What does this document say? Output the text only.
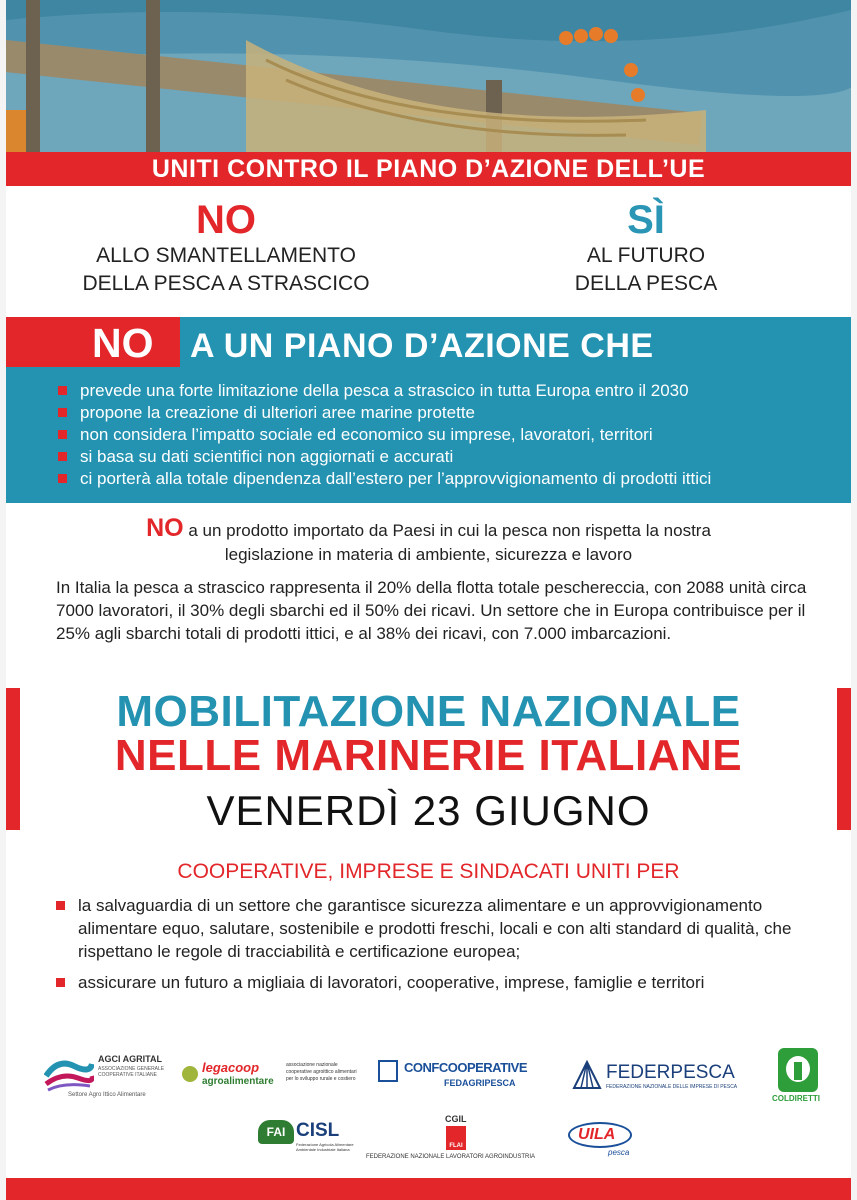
UNITI CONTRO IL PIANO D’AZIONE DELL’UE
NO
ALLO SMANTELLAMENTO
DELLA PESCA A STRASCICO
SÌ
AL FUTURO
DELLA PESCA
NO A UN PIANO D’AZIONE CHE
prevede una forte limitazione della pesca a strascico in tutta Europa entro il 2030
propone la creazione di ulteriori aree marine protette
non considera l’impatto sociale ed economico su imprese, lavoratori, territori
si basa su dati scientifici non aggiornati e accurati
ci porterà alla totale dipendenza dall’estero per l’approvvigionamento di prodotti ittici
NO a un prodotto importato da Paesi in cui la pesca non rispetta la nostra
legislazione in materia di ambiente, sicurezza e lavoro
In Italia la pesca a strascico rappresenta il 20% della flotta totale peschereccia, con 2088 unità circa 7000 lavoratori, il 30% degli sbarchi ed il 50% dei ricavi. Un settore che in Europa contribuisce per il 25% agli sbarchi totali di prodotti ittici, e al 38% dei ricavi, con 7.000 imbarcazioni.
MOBILITAZIONE NAZIONALE
NELLE MARINERIE ITALIANE
VENERDÌ 23 GIUGNO
COOPERATIVE, IMPRESE E SINDACATI UNITI PER
la salvaguardia di un settore che garantisce sicurezza alimentare e un approvvigionamento alimentare equo, salutare, sostenibile e prodotti freschi, locali e con alti standard di qualità, che rispettano le regole di tracciabilità e certificazione europea;
assicurare un futuro a migliaia di lavoratori, cooperative, imprese, famiglie e territori
AGCI AGRITAL
ASSOCIAZIONE GENERALE COOPERATIVE ITALIANE
Settore Agro Ittico Alimentare
legacoop
agroalimentare
associazione nazionale cooperative agroittico alimentari per lo sviluppo rurale e costiero
CONFCOOPERATIVE
FEDAGRIPESCA	FEDERPESCA
FEDERAZIONE NAZIONALE DELLE IMPRESE DI PESCA
COLDIRETTI
FAI CISL
Federazione Agricola Alimentare Ambientale Industriale Italiana
CGIL
FLAI
FEDERAZIONE NAZIONALE LAVORATORI AGROINDUSTRIA
UILA
pesca
